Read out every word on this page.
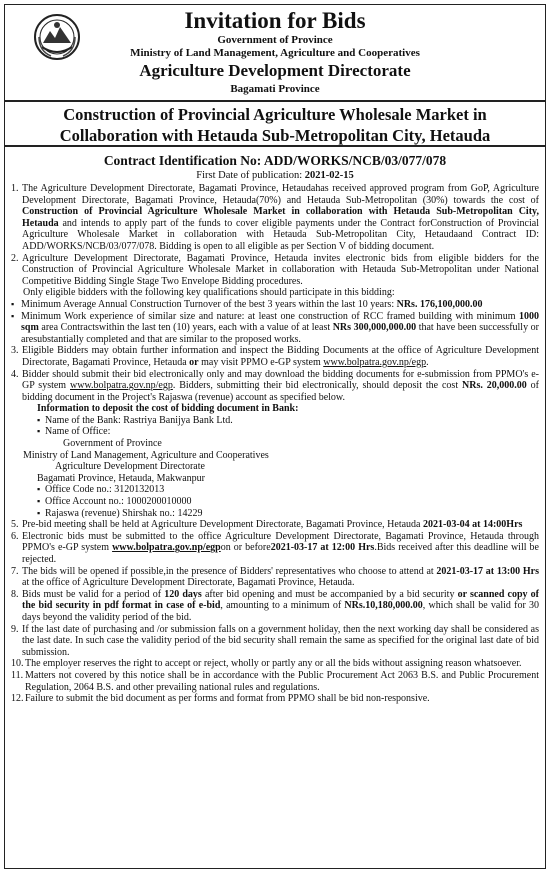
Invitation for Bids
Government of Province
Ministry of Land Management, Agriculture and Cooperatives
Agriculture Development Directorate
Bagamati Province
Construction of Provincial Agriculture Wholesale Market in
Collaboration with Hetauda Sub-Metropolitan City, Hetauda
Contract Identification No: ADD/WORKS/NCB/03/077/078
First Date of publication: 2021-02-15
1. The Agriculture Development Directorate, Bagamati Province, Hetaudahas received approved program from GoP, Agriculture Development Directorate, Bagamati Province, Hetauda(70%) and Hetauda Sub-Metropolitan (30%) towards the cost of Construction of Provincial Agriculture Wholesale Market in collaboration with Hetauda Sub-Metropolitan City, Hetauda and intends to apply part of the funds to cover eligible payments under the Contract forConstruction of Provincial Agriculture Wholesale Market in collaboration with Hetauda Sub-Metropolitan City, Hetaudaand Contract ID: ADD/WORKS/NCB/03/077/078. Bidding is open to all eligible as per Section V of bidding document.
2. Agriculture Development Directorate, Bagamati Province, Hetauda invites electronic bids from eligible bidders for the Construction of Provincial Agriculture Wholesale Market in collaboration with Hetauda Sub-Metropolitan under National Competitive Bidding Single Stage Two Envelope Bidding procedures.
Only eligible bidders with the following key qualifications should participate in this bidding:
▪ Minimum Average Annual Construction Turnover of the best 3 years within the last 10 years: NRs. 176,100,000.00
▪ Minimum Work experience of similar size and nature: at least one construction of RCC framed building with minimum 1000 sqm area Contractswithin the last ten (10) years, each with a value of at least NRs 300,000,000.00 that have been successfully or aresubstantially completed and that are similar to the proposed works.
3. Eligible Bidders may obtain further information and inspect the Bidding Documents at the office of Agriculture Development Directorate, Bagamati Province, Hetauda or may visit PPMO e-GP system www.bolpatra.gov.np/egp.
4. Bidder should submit their bid electronically only and may download the bidding documents for e-submission from PPMO's e-GP system www.bolpatra.gov.np/egp. Bidders, submitting their bid electronically, should deposit the cost NRs. 20,000.00 of bidding document in the Project's Rajaswa (revenue) account as specified below.
Information to deposit the cost of bidding document in Bank:
▪ Name of the Bank: Rastriya Banijya Bank Ltd.
▪ Name of Office:
Government of Province
Ministry of Land Management, Agriculture and Cooperatives
Agriculture Development Directorate
Bagamati Province, Hetauda, Makwanpur
▪ Office Code no.: 3120132013
▪ Office Account no.: 1000200010000
▪ Rajaswa (revenue) Shirshak no.: 14229
5. Pre-bid meeting shall be held at Agriculture Development Directorate, Bagamati Province, Hetauda 2021-03-04 at 14:00Hrs
6. Electronic bids must be submitted to the office Agriculture Development Directorate, Bagamati Province, Hetauda through PPMO's e-GP system www.bolpatra.gov.np/egpon or before2021-03-17 at 12:00 Hrs.Bids received after this deadline will be rejected.
7. The bids will be opened if possible,in the presence of Bidders' representatives who choose to attend at 2021-03-17 at 13:00 Hrs at the office of Agriculture Development Directorate, Bagamati Province, Hetauda.
8. Bids must be valid for a period of 120 days after bid opening and must be accompanied by a bid security or scanned copy of the bid security in pdf format in case of e-bid, amounting to a minimum of NRs.10,180,000.00, which shall be valid for 30 days beyond the validity period of the bid.
9. If the last date of purchasing and /or submission falls on a government holiday, then the next working day shall be considered as the last date. In such case the validity period of the bid security shall remain the same as specified for the original last date of bid submission.
10. The employer reserves the right to accept or reject, wholly or partly any or all the bids without assigning reason whatsoever.
11. Matters not covered by this notice shall be in accordance with the Public Procurement Act 2063 B.S. and Public Procurement Regulation, 2064 B.S. and other prevailing national rules and regulations.
12. Failure to submit the bid document as per forms and format from PPMO shall be bid non-responsive.
